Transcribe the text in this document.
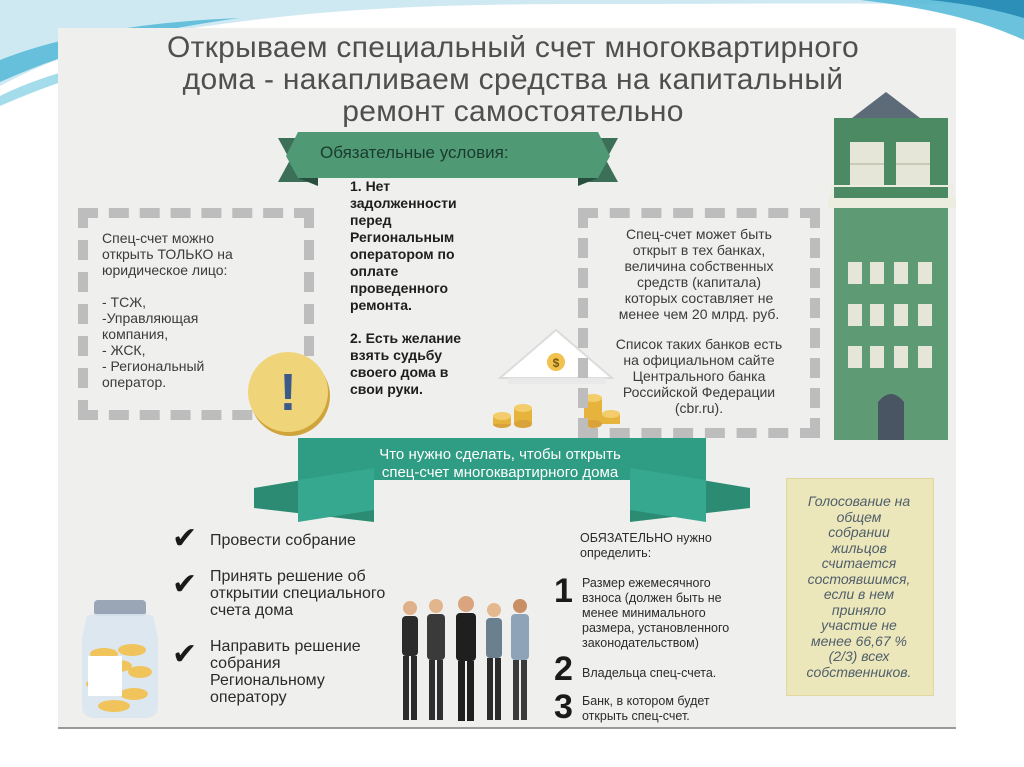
Открываем специальный счет многоквартирного
дома - накапливаем средства на капитальный
ремонт самостоятельно
Обязательные условия:
Спец-счет можно
открыть ТОЛЬКО на
юридическое лицо:
- ТСЖ,
-Управляющая
компания,
- ЖСК,
- Региональный
оператор.	!
1. Нет
задолженности
перед
Региональным
оператором по
оплате
проведенного
ремонта.
2. Есть желание
взять судьбу
своего дома в
свои руки.
$
Спец-счет может быть
открыт в тех банках,
величина собственных
средств (капитала)
которых составляет не
менее чем 20 млрд. руб.
Список таких банков есть
на официальном сайте
Центрального банка
Российской Федерации
(cbr.ru).
Что нужно сделать, чтобы открыть
спец-счет многоквартирного дома
✔ Провести собрание
✔ Принять решение об
открытии специального
счета дома
✔ Направить решение
собрания
Региональному
оператору
ОБЯЗАТЕЛЬНО нужно
определить:
1 Размер ежемесячного
взноса (должен быть не
менее минимального
размера, установленного
законодательством)
2 Владельца спец-счета.
3 Банк, в котором будет
открыть спец-счет.
Голосование на
общем
собрании
жильцов
считается
состоявшимся,
если в нем
приняло
участие не
менее 66,67 %
(2/3) всех
собственников.
